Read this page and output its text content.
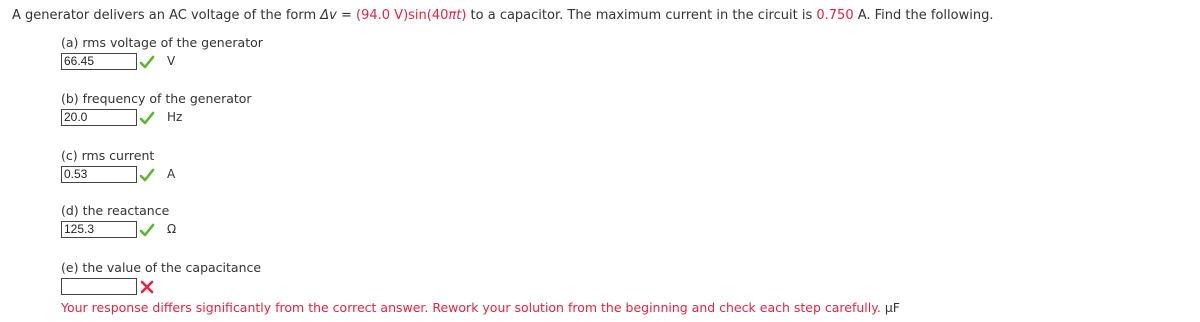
A generator delivers an AC voltage of the form Δv = (94.0 V)sin(40πt) to a capacitor. The maximum current in the circuit is 0.750 A. Find the following.
(a) rms voltage of the generator
66.45
V
(b) frequency of the generator
20.0
Hz
(c) rms current
0.53
A
(d) the reactance
125.3
Ω
(e) the value of the capacitance
Your response differs significantly from the correct answer. Rework your solution from the beginning and check each step carefully. μF
